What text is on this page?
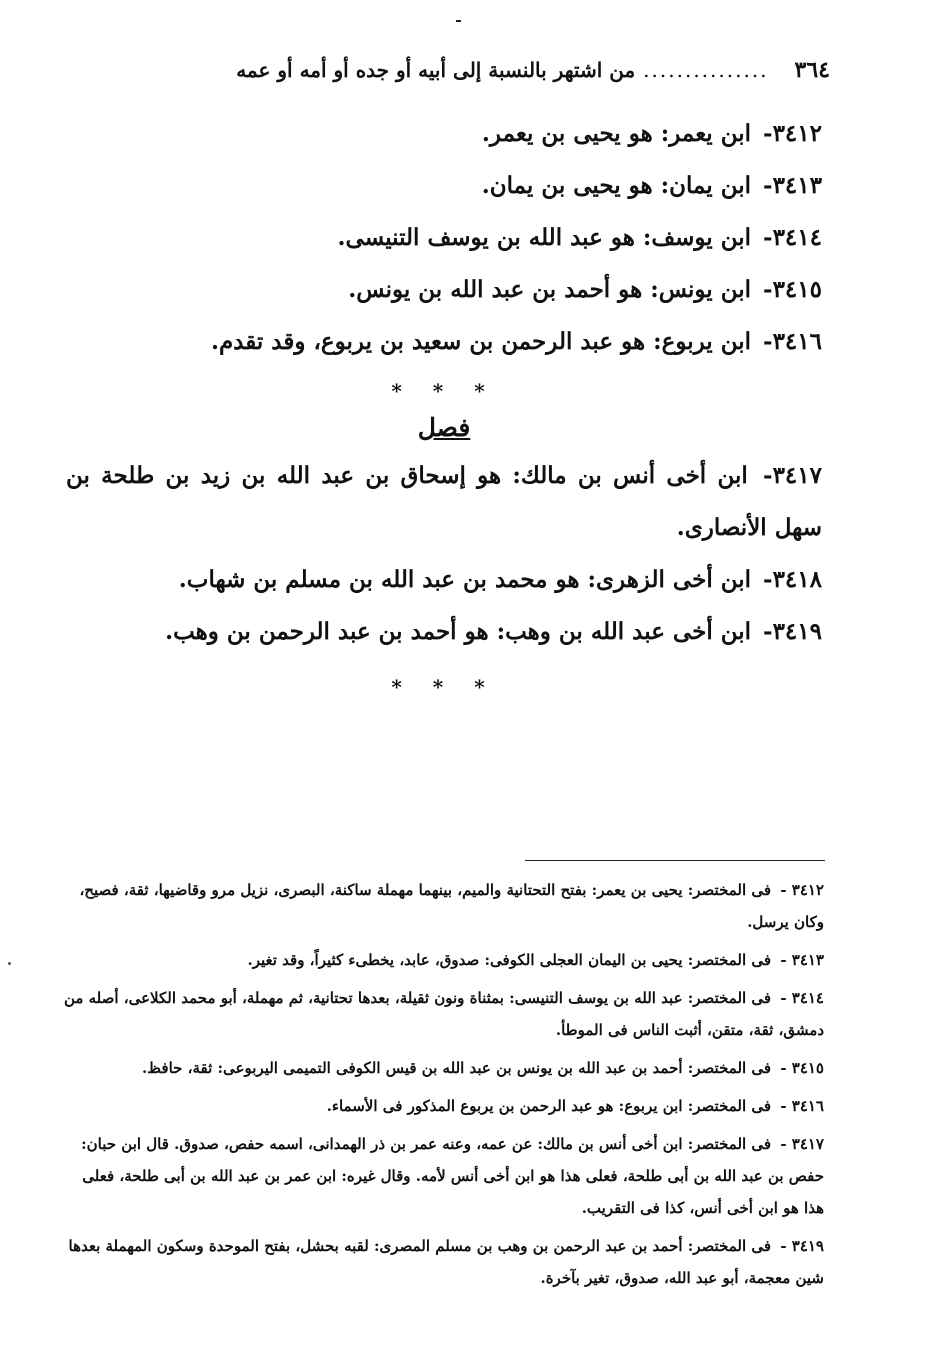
٣٦٤
...............
من اشتهر بالنسبة إلى أبيه أو جده أو أمه أو عمه

٣٤١٢- ابن يعمر: هو يحيى بن يعمر.

٣٤١٣- ابن يمان: هو يحيى بن يمان.

٣٤١٤- ابن يوسف: هو عبد الله بن يوسف التنيسى.

٣٤١٥- ابن يونس: هو أحمد بن عبد الله بن يونس.

٣٤١٦- ابن يربوع: هو عبد الرحمن بن سعيد بن يربوع، وقد تقدم.

* * *
فصل

٣٤١٧- ابن أخى أنس بن مالك: هو إسحاق بن عبد الله بن زيد بن طلحة بن سهل الأنصارى.

٣٤١٨- ابن أخى الزهرى: هو محمد بن عبد الله بن مسلم بن شهاب.

٣٤١٩- ابن أخى عبد الله بن وهب: هو أحمد بن عبد الرحمن بن وهب.

* * *

٣٤١٢ - فى المختصر: يحيى بن يعمر: بفتح التحتانية والميم، بينهما مهملة ساكنة، البصرى، نزيل مرو وقاضيها، ثقة، فصيح، وكان يرسل.

٣٤١٣ - فى المختصر: يحيى بن اليمان العجلى الكوفى: صدوق، عابد، يخطىء كثيراً، وقد تغير.

٣٤١٤ - فى المختصر: عبد الله بن يوسف التنيسى: بمثناة ونون ثقيلة، بعدها تحتانية، ثم مهملة، أبو محمد الكلاعى، أصله من دمشق، ثقة، متقن، أثبت الناس فى الموطأ.

٣٤١٥ - فى المختصر: أحمد بن عبد الله بن يونس بن عبد الله بن قيس الكوفى التميمى اليربوعى: ثقة، حافظ.

٣٤١٦ - فى المختصر: ابن يربوع: هو عبد الرحمن بن يربوع المذكور فى الأسماء.

٣٤١٧ - فى المختصر: ابن أخى أنس بن مالك: عن عمه، وعنه عمر بن ذر الهمدانى، اسمه حفص، صدوق. قال ابن حبان: حفص بن عبد الله بن أبى طلحة، فعلى هذا هو ابن أخى أنس لأمه. وقال غيره: ابن عمر بن عبد الله بن أبى طلحة، فعلى هذا هو ابن أخى أنس، كذا فى التقريب.

٣٤١٩ - فى المختصر: أحمد بن عبد الرحمن بن وهب بن مسلم المصرى: لقبه بحشل، بفتح الموحدة وسكون المهملة بعدها شين معجمة، أبو عبد الله، صدوق، تغير بآخرة.
